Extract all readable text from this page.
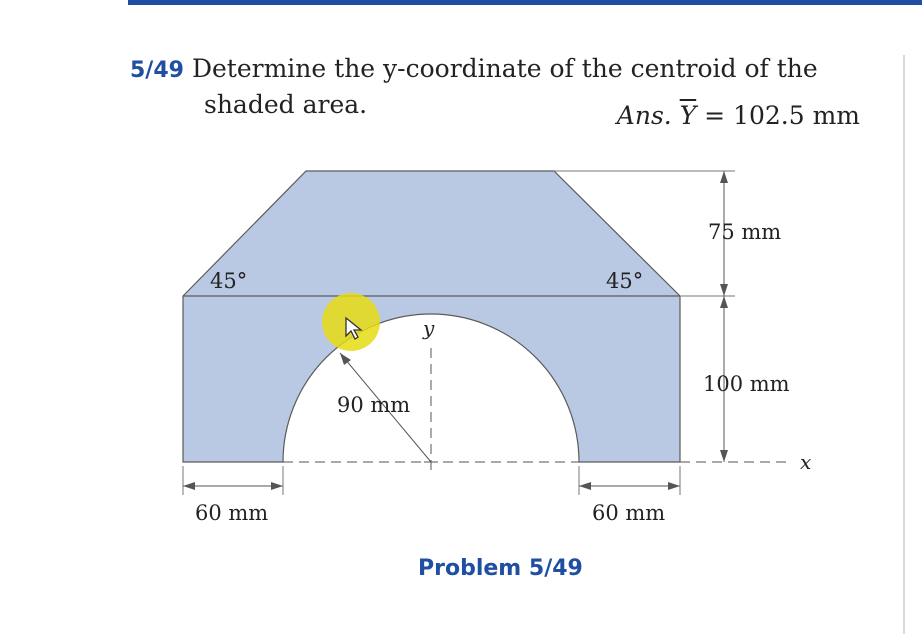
5/49 Determine the y-coordinate of the centroid of the
shaded area.	Ans. $\overline{Y} = 102.5$ mm
45°	45°
75 mm
100 mm
90 mm
60 mm	60 mm
y
x
Problem 5/49
